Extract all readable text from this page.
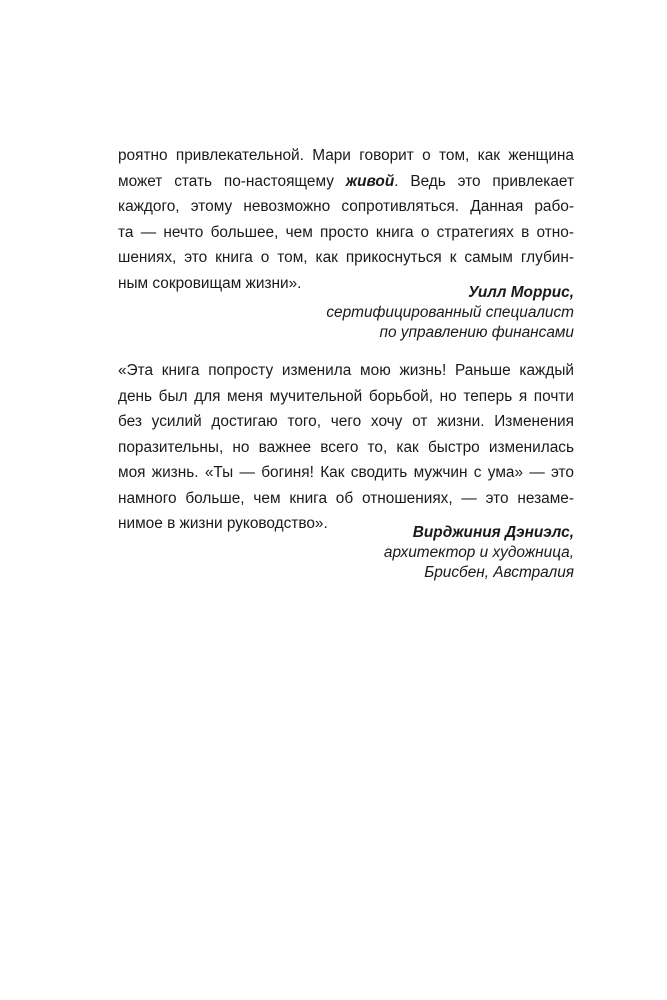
роятно привлекательной. Мари говорит о том, как женщина
может стать по-настоящему живой. Ведь это привлекает
каждого, этому невозможно сопротивляться. Данная рабо-
та — нечто большее, чем просто книга о стратегиях в отно-
шениях, это книга о том, как прикоснуться к самым глубин-
ным сокровищам жизни».
Уилл Моррис,
сертифицированный специалист
по управлению финансами
«Эта книга попросту изменила мою жизнь! Раньше каждый
день был для меня мучительной борьбой, но теперь я почти
без усилий достигаю того, чего хочу от жизни. Изменения
поразительны, но важнее всего то, как быстро изменилась
моя жизнь. «Ты — богиня! Как сводить мужчин с ума» — это
намного больше, чем книга об отношениях, — это незаме-
нимое в жизни руководство».
Вирджиния Дэниэлс,
архитектор и художница,
Брисбен, Австралия
